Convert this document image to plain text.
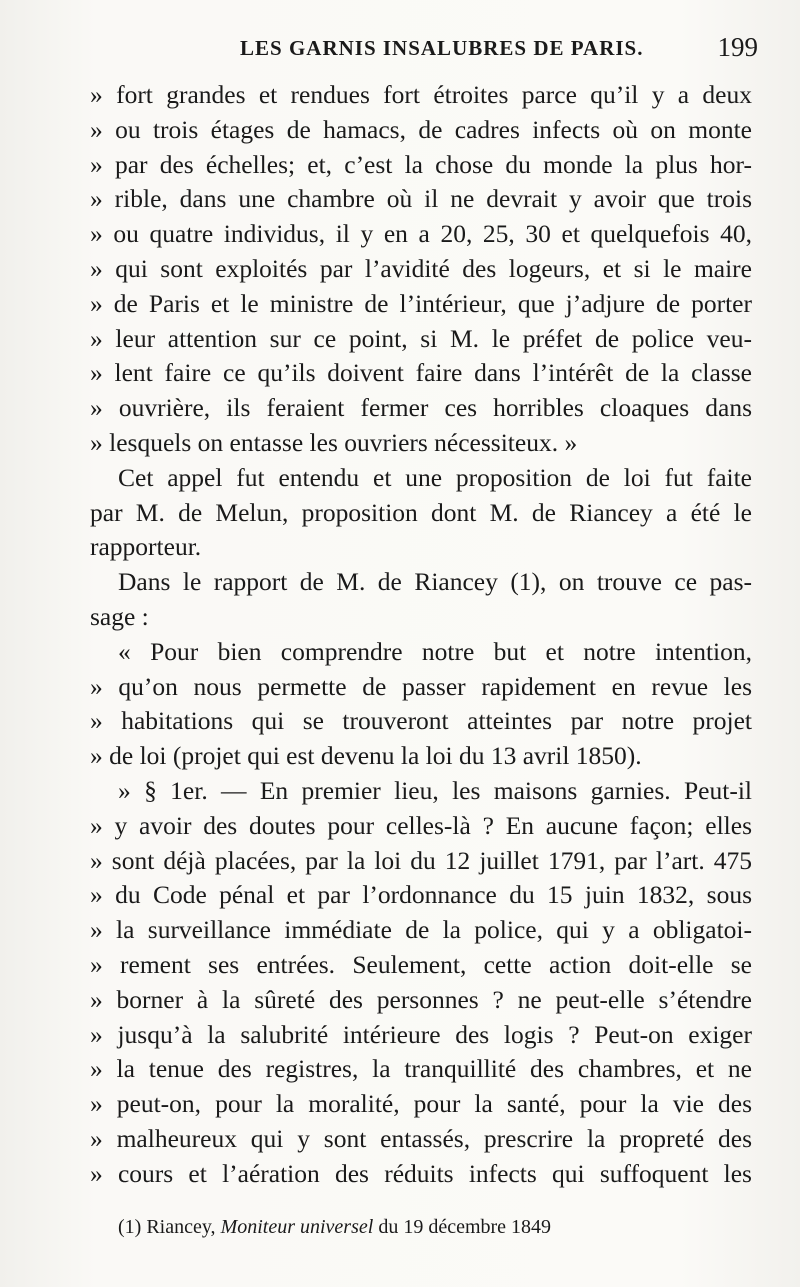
LES GARNIS INSALUBRES DE PARIS.	199
» fort grandes et rendues fort étroites parce qu’il y a deux
» ou trois étages de hamacs, de cadres infects où on monte
» par des échelles; et, c’est la chose du monde la plus hor-
» rible, dans une chambre où il ne devrait y avoir que trois
» ou quatre individus, il y en a 20, 25, 30 et quelquefois 40,
» qui sont exploités par l’avidité des logeurs, et si le maire
» de Paris et le ministre de l’intérieur, que j’adjure de porter
» leur attention sur ce point, si M. le préfet de police veu-
» lent faire ce qu’ils doivent faire dans l’intérêt de la classe
» ouvrière, ils feraient fermer ces horribles cloaques dans
» lesquels on entasse les ouvriers nécessiteux. »
Cet appel fut entendu et une proposition de loi fut faite
par M. de Melun, proposition dont M. de Riancey a été le
rapporteur.
Dans le rapport de M. de Riancey (1), on trouve ce pas-
sage :
« Pour bien comprendre notre but et notre intention,
» qu’on nous permette de passer rapidement en revue les
» habitations qui se trouveront atteintes par notre projet
» de loi (projet qui est devenu la loi du 13 avril 1850).
» § 1er. — En premier lieu, les maisons garnies. Peut-il
» y avoir des doutes pour celles-là ? En aucune façon; elles
» sont déjà placées, par la loi du 12 juillet 1791, par l’art. 475
» du Code pénal et par l’ordonnance du 15 juin 1832, sous
» la surveillance immédiate de la police, qui y a obligatoi-
» rement ses entrées. Seulement, cette action doit-elle se
» borner à la sûreté des personnes ? ne peut-elle s’étendre
» jusqu’à la salubrité intérieure des logis ? Peut-on exiger
» la tenue des registres, la tranquillité des chambres, et ne
» peut-on, pour la moralité, pour la santé, pour la vie des
» malheureux qui y sont entassés, prescrire la propreté des
» cours et l’aération des réduits infects qui suffoquent les
(1) Riancey, Moniteur universel du 19 décembre 1849
